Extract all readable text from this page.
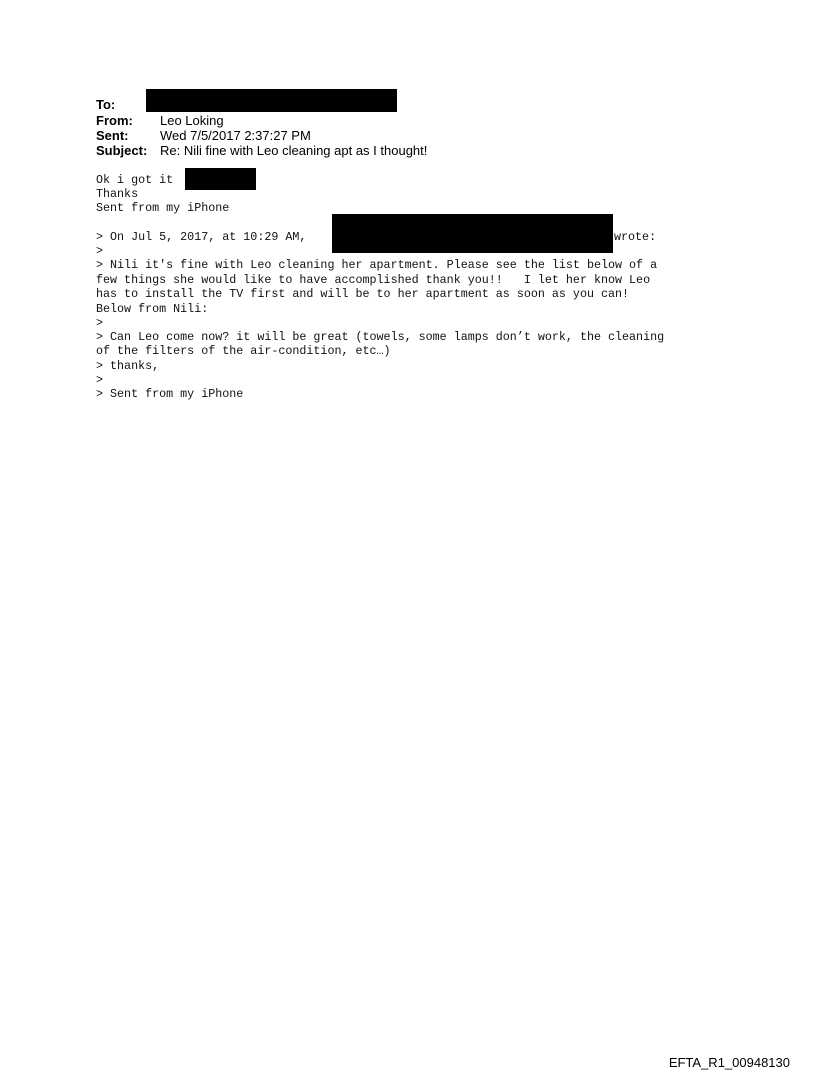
To:
From: Leo Loking
Sent: Wed 7/5/2017 2:37:27 PM
Subject: Re: Nili fine with Leo cleaning apt as I thought!
Ok i got it
Thanks
Sent from my iPhone
> On Jul 5, 2017, at 10:29 AM,	wrote:
>
> Nili it's fine with Leo cleaning her apartment. Please see the list below of a
few things she would like to have accomplished thank you!!   I let her know Leo
has to install the TV first and will be to her apartment as soon as you can!
Below from Nili:
>
> Can Leo come now? it will be great (towels, some lamps don’t work, the cleaning
of the filters of the air-condition, etc…)
> thanks,
>
> Sent from my iPhone
EFTA_R1_00948130
